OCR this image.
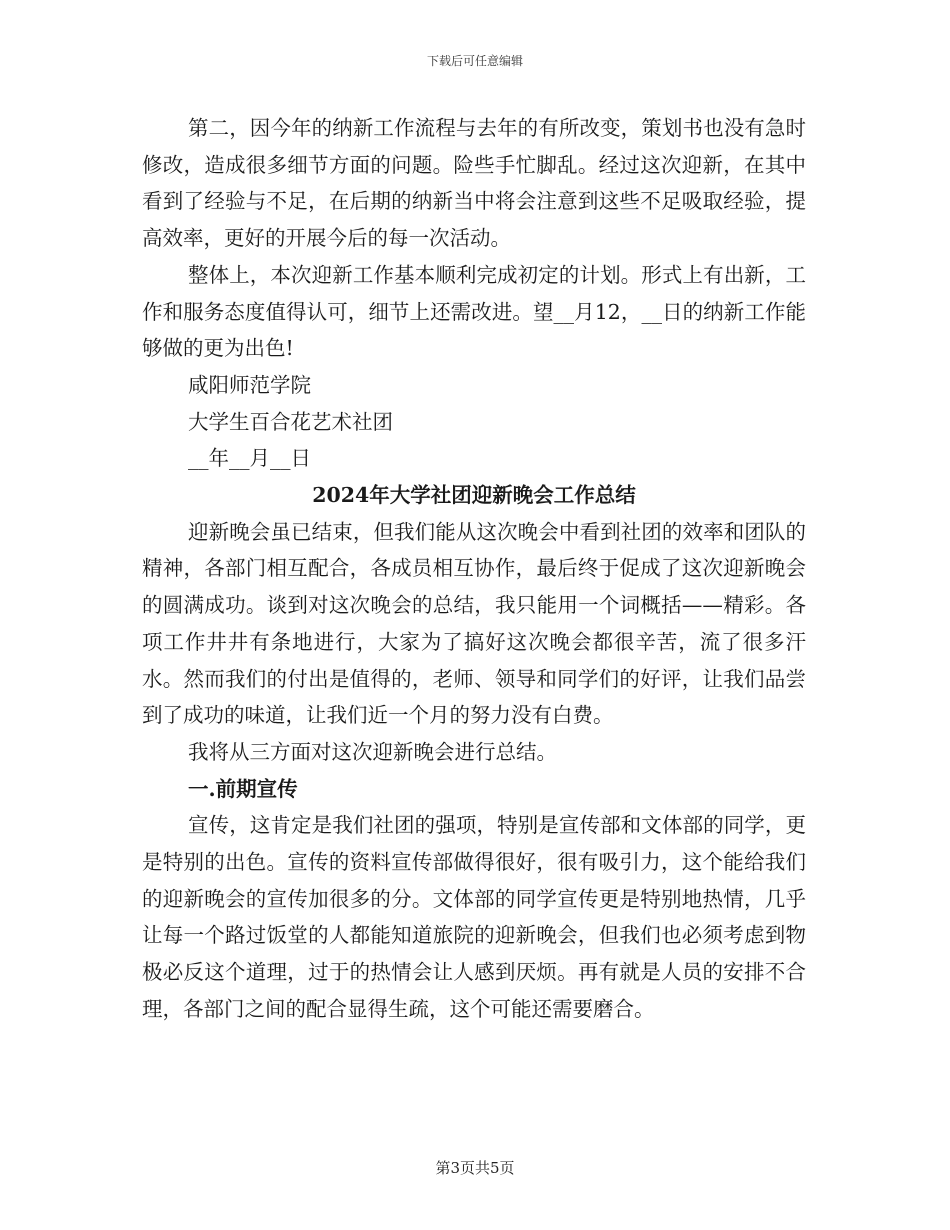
下载后可任意编辑

第二，因今年的纳新工作流程与去年的有所改变，策划书也没有急时修改，造成很多细节方面的问题。险些手忙脚乱。经过这次迎新，在其中看到了经验与不足，在后期的纳新当中将会注意到这些不足吸取经验，提高效率，更好的开展今后的每一次活动。

整体上，本次迎新工作基本顺利完成初定的计划。形式上有出新，工作和服务态度值得认可，细节上还需改进。望__月12，__日的纳新工作能够做的更为出色!

咸阳师范学院

大学生百合花艺术社团

__年__月__日

2024年大学社团迎新晚会工作总结

迎新晚会虽已结束，但我们能从这次晚会中看到社团的效率和团队的精神，各部门相互配合，各成员相互协作，最后终于促成了这次迎新晚会的圆满成功。谈到对这次晚会的总结，我只能用一个词概括——精彩。各项工作井井有条地进行，大家为了搞好这次晚会都很辛苦，流了很多汗水。然而我们的付出是值得的，老师、领导和同学们的好评，让我们品尝到了成功的味道，让我们近一个月的努力没有白费。

我将从三方面对这次迎新晚会进行总结。

一.前期宣传

宣传，这肯定是我们社团的强项，特别是宣传部和文体部的同学，更是特别的出色。宣传的资料宣传部做得很好，很有吸引力，这个能给我们的迎新晚会的宣传加很多的分。文体部的同学宣传更是特别地热情，几乎让每一个路过饭堂的人都能知道旅院的迎新晚会，但我们也必须考虑到物极必反这个道理，过于的热情会让人感到厌烦。再有就是人员的安排不合理，各部门之间的配合显得生疏，这个可能还需要磨合。

第3页共5页
